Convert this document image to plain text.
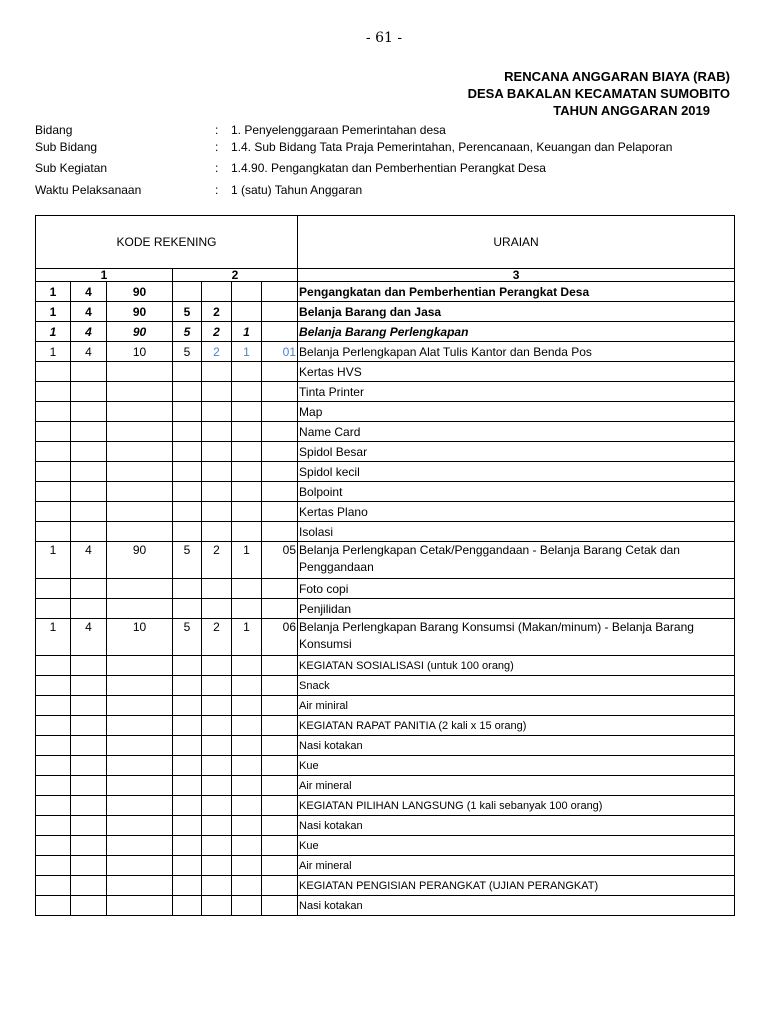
- 61 -
RENCANA ANGGARAN BIAYA (RAB)
DESA BAKALAN KECAMATAN SUMOBITO
TAHUN ANGGARAN 2019
Bidang	: 1. Penyelenggaraan Pemerintahan desa
Sub Bidang	: 1.4. Sub Bidang Tata Praja Pemerintahan, Perencanaan, Keuangan dan Pelaporan
Sub Kegiatan	: 1.4.90. Pengangkatan dan Pemberhentian Perangkat Desa
Waktu Pelaksanaan	: 1 (satu) Tahun Anggaran
KODE REKENING							URAIAN
1			2				3
1	4	90					Pengangkatan dan Pemberhentian Perangkat Desa
1	4	90	5	2			Belanja Barang dan Jasa
1	4	90	5	2	1		Belanja Barang Perlengkapan
1	4	10	5	2	1	01	Belanja Perlengkapan Alat Tulis Kantor dan Benda Pos
							Kertas HVS
							Tinta Printer
							Map
							Name Card
							Spidol Besar
							Spidol kecil
							Bolpoint
							Kertas Plano
							Isolasi
1	4	90	5	2	1	05	Belanja Perlengkapan Cetak/Penggandaan - Belanja Barang Cetak dan Penggandaan
							Foto copi
							Penjilidan
1	4	10	5	2	1	06	Belanja Perlengkapan Barang Konsumsi (Makan/minum) - Belanja Barang Konsumsi
							KEGIATAN SOSIALISASI (untuk 100 orang)
							Snack
							Air miniral
							KEGIATAN RAPAT PANITIA (2 kali x 15 orang)
							Nasi kotakan
							Kue
							Air mineral
							KEGIATAN PILIHAN LANGSUNG (1 kali sebanyak 100 orang)
							Nasi kotakan
							Kue
							Air mineral
							KEGIATAN PENGISIAN PERANGKAT (UJIAN PERANGKAT)
							Nasi kotakan
